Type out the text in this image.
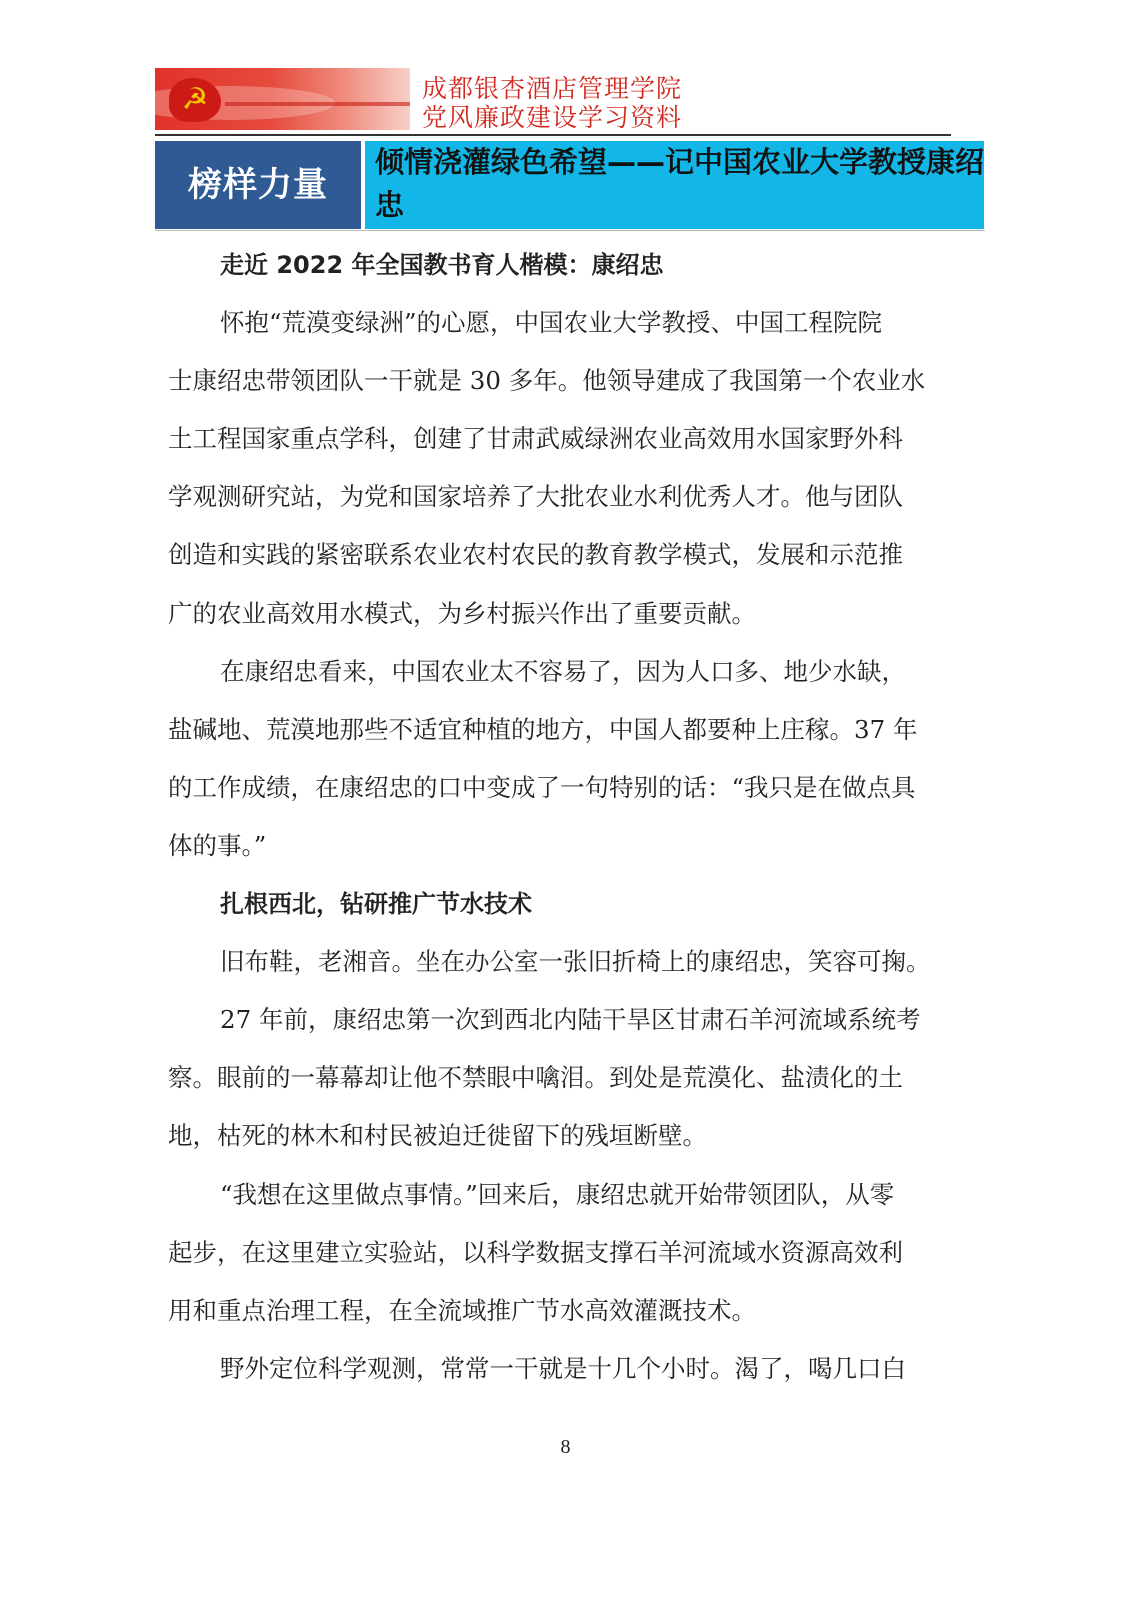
☭	成都银杏酒店管理学院
党风廉政建设学习资料
榜样力量
倾情浇灌绿色希望——记中国农业大学教授康绍忠
走近 2022 年全国教书育人楷模：康绍忠
怀抱“荒漠变绿洲”的心愿，中国农业大学教授、中国工程院院
士康绍忠带领团队一干就是 30 多年。他领导建成了我国第一个农业水
土工程国家重点学科，创建了甘肃武威绿洲农业高效用水国家野外科
学观测研究站，为党和国家培养了大批农业水利优秀人才。他与团队
创造和实践的紧密联系农业农村农民的教育教学模式，发展和示范推
广的农业高效用水模式，为乡村振兴作出了重要贡献。
在康绍忠看来，中国农业太不容易了，因为人口多、地少水缺，
盐碱地、荒漠地那些不适宜种植的地方，中国人都要种上庄稼。37 年
的工作成绩，在康绍忠的口中变成了一句特别的话：“我只是在做点具
体的事。”
扎根西北，钻研推广节水技术
旧布鞋，老湘音。坐在办公室一张旧折椅上的康绍忠，笑容可掬。
27 年前，康绍忠第一次到西北内陆干旱区甘肃石羊河流域系统考
察。眼前的一幕幕却让他不禁眼中噙泪。到处是荒漠化、盐渍化的土
地，枯死的林木和村民被迫迁徙留下的残垣断壁。
“我想在这里做点事情。”回来后，康绍忠就开始带领团队，从零
起步，在这里建立实验站，以科学数据支撑石羊河流域水资源高效利
用和重点治理工程，在全流域推广节水高效灌溉技术。
野外定位科学观测，常常一干就是十几个小时。渴了，喝几口白
8
